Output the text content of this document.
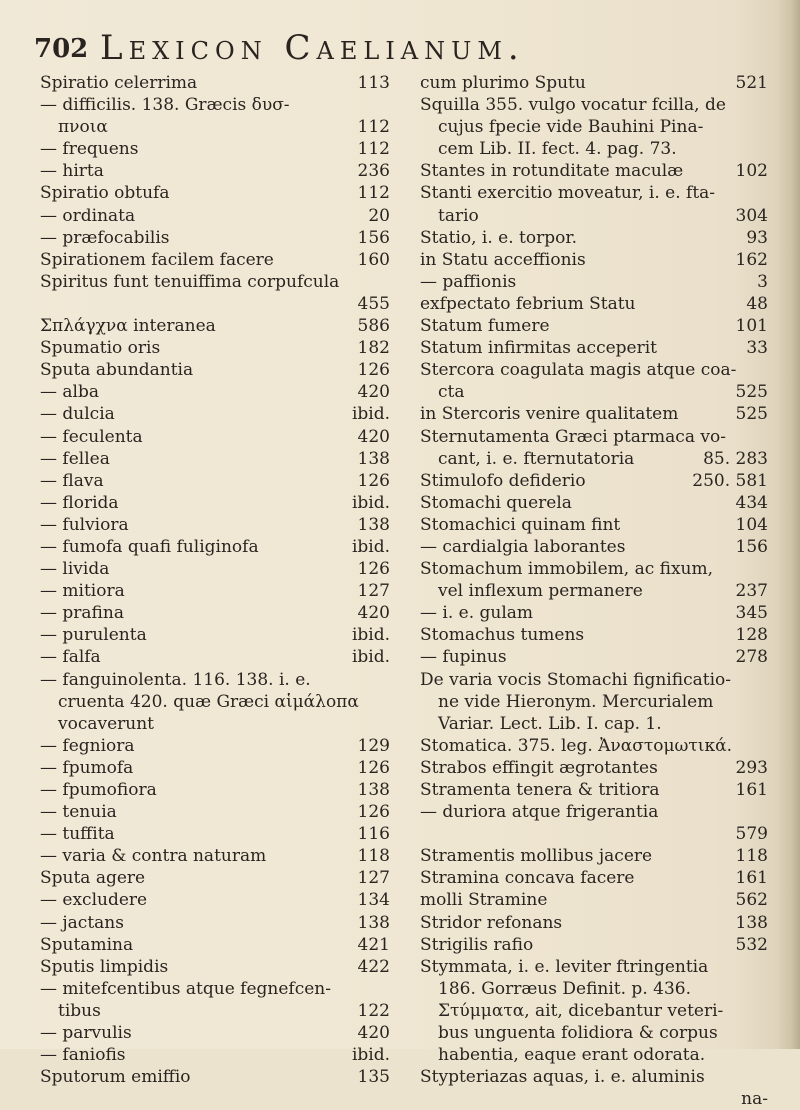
702 Lexicon Caelianum.
Spiratio celerrima	113
— difficilis. 138. Græcis δυσ-
πνοια	112
— frequens	112
— hirta	236
Spiratio obtufa	112
— ordinata	20
— præfocabilis	156
Spirationem facilem facere	160
Spiritus funt tenuiffima corpufcula
455
Σπλάγχνα interanea	586
Spumatio oris	182
Sputa abundantia	126
— alba	420
— dulcia	ibid.
— feculenta	420
— fellea	138
— flava	126
— florida	ibid.
— fulviora	138
— fumofa quafi fuliginofa	ibid.
— livida	126
— mitiora	127
— prafina	420
— purulenta	ibid.
— falfa	ibid.
— fanguinolenta. 116. 138. i. e.
cruenta 420. quæ Græci αἱμάλοπα
vocaverunt
— fegniora	129
— fpumofa	126
— fpumofiora	138
— tenuia	126
— tuffita	116
— varia & contra naturam	118
Sputa agere	127
— excludere	134
— jactans	138
Sputamina	421
Sputis limpidis	422
— mitefcentibus atque fegnefcen-
tibus	122
— parvulis	420
— faniofis	ibid.
Sputorum emiffio	135
cum plurimo Sputu	521
Squilla 355. vulgo vocatur fcilla, de
cujus fpecie vide Bauhini Pina-
cem Lib. II. fect. 4. pag. 73.
Stantes in rotunditate maculæ	102
Stanti exercitio moveatur, i. e. fta-
tario	304
Statio, i. e. torpor.	93
in Statu acceffionis	162
— paffionis	3
exfpectato febrium Statu	48
Statum fumere	101
Statum infirmitas acceperit	33
Stercora coagulata magis atque coa-
cta	525
in Stercoris venire qualitatem	525
Sternutamenta Græci ptarmaca vo-
cant, i. e. fternutatoria	85. 283
Stimulofo defiderio	250. 581
Stomachi querela	434
Stomachici quinam fint	104
— cardialgia laborantes	156
Stomachum immobilem, ac fixum,
vel inflexum permanere	237
— i. e. gulam	345
Stomachus tumens	128
— fupinus	278
De varia vocis Stomachi fignificatio-
ne vide Hieronym. Mercurialem
Variar. Lect. Lib. I. cap. 1.
Stomatica. 375. leg. Ἀναστομωτικά.
Strabos effingit ægrotantes	293
Stramenta tenera & tritiora	161
— duriora atque frigerantia
579
Stramentis mollibus jacere	118
Stramina concava facere	161
molli Stramine	562
Stridor refonans	138
Strigilis rafio	532
Stymmata, i. e. leviter ftringentia
186. Gorræus Definit. p. 436.
Στύμματα, ait, dicebantur veteri-
bus unguenta folidiora & corpus
habentia, eaque erant odorata.
Stypteriazas aquas, i. e. aluminis
na-
